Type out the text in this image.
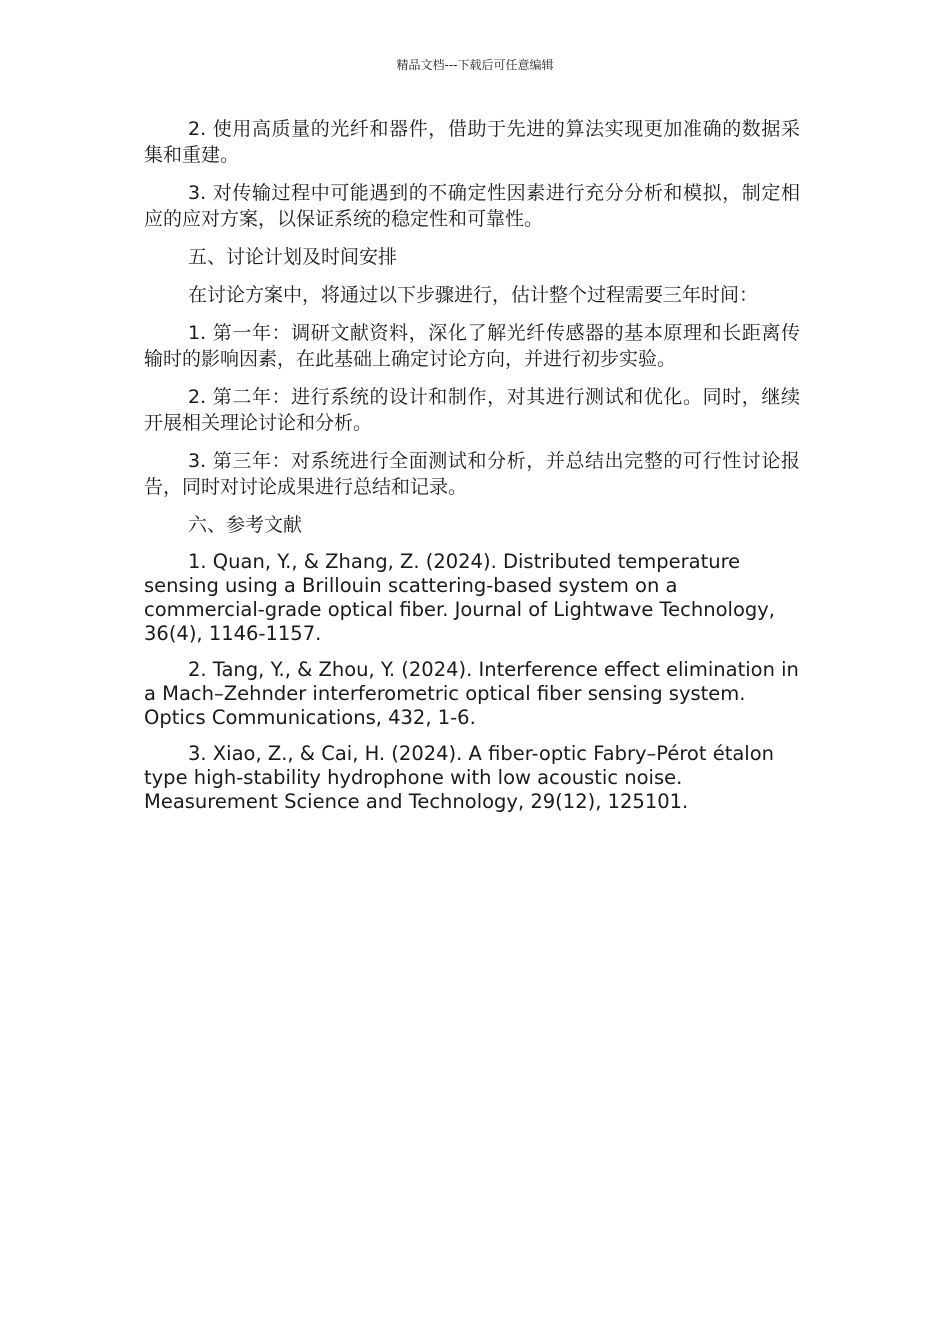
精品文档---下载后可任意编辑

2. 使用高质量的光纤和器件，借助于先进的算法实现更加准确的数据采集和重建。

3. 对传输过程中可能遇到的不确定性因素进行充分分析和模拟，制定相应的应对方案，以保证系统的稳定性和可靠性。

五、讨论计划及时间安排

在讨论方案中，将通过以下步骤进行，估计整个过程需要三年时间：

1. 第一年：调研文献资料，深化了解光纤传感器的基本原理和长距离传输时的影响因素，在此基础上确定讨论方向，并进行初步实验。

2. 第二年：进行系统的设计和制作，对其进行测试和优化。同时，继续开展相关理论讨论和分析。

3. 第三年：对系统进行全面测试和分析，并总结出完整的可行性讨论报告，同时对讨论成果进行总结和记录。

六、参考文献

1. Quan, Y., & Zhang, Z. (2024). Distributed temperature sensing using a Brillouin scattering-based system on a commercial-grade optical fiber. Journal of Lightwave Technology, 36(4), 1146-1157.

2. Tang, Y., & Zhou, Y. (2024). Interference effect elimination in a Mach–Zehnder interferometric optical fiber sensing system. Optics Communications, 432, 1-6.

3. Xiao, Z., & Cai, H. (2024). A fiber-optic Fabry–Pérot étalon type high-stability hydrophone with low acoustic noise. Measurement Science and Technology, 29(12), 125101.
